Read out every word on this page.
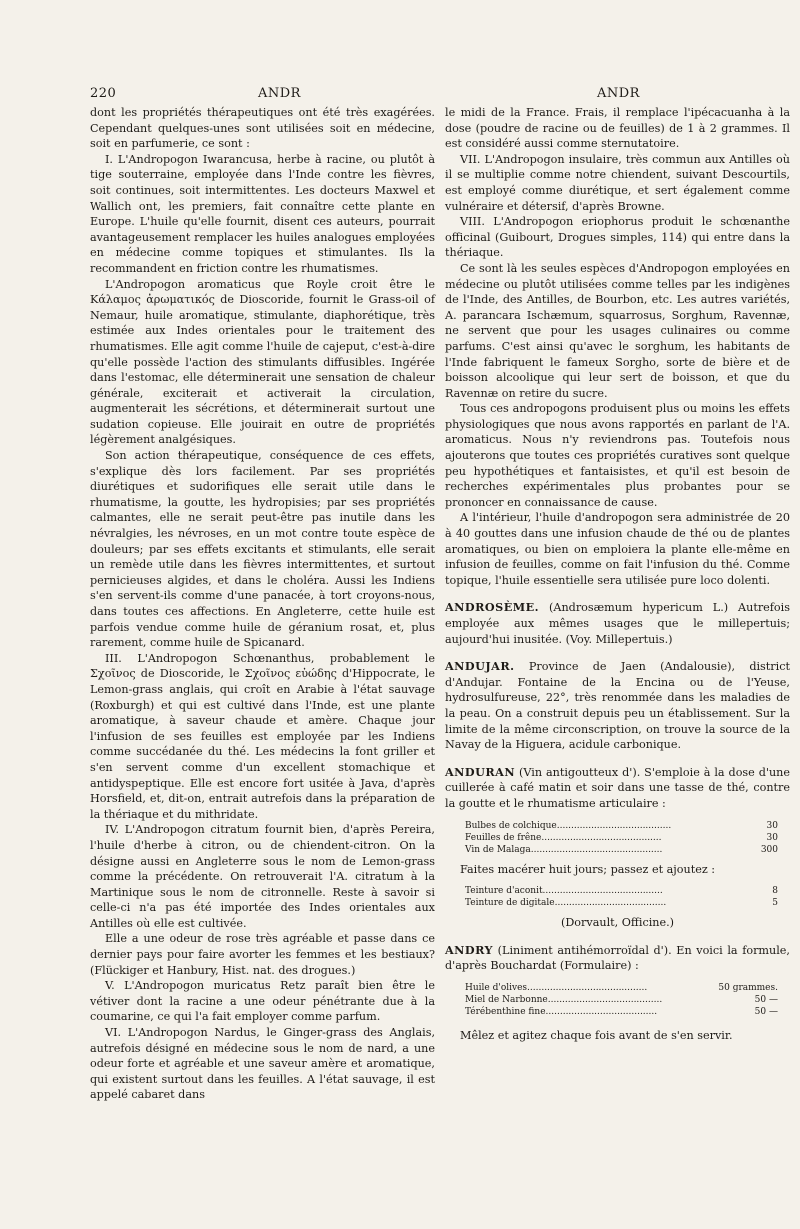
220	ANDR	ANDR

dont les propriétés thérapeutiques ont été très exagérées. Cependant quelques-unes sont utilisées soit en médecine, soit en parfumerie, ce sont :

I. L'Andropogon Iwarancusa, herbe à racine, ou plutôt à tige souterraine, employée dans l'Inde contre les fièvres, soit continues, soit intermittentes. Les docteurs Maxwel et Wallich ont, les premiers, fait connaître cette plante en Europe. L'huile qu'elle fournit, disent ces auteurs, pourrait avantageusement remplacer les huiles analogues employées en médecine comme topiques et stimulantes. Ils la recommandent en friction contre les rhumatismes.

L'Andropogon aromaticus que Royle croit être le Κάλαμος ἀρωματικός de Dioscoride, fournit le Grass-oil of Nemaur, huile aromatique, stimulante, diaphorétique, très estimée aux Indes orientales pour le traitement des rhumatismes. Elle agit comme l'huile de cajeput, c'est-à-dire qu'elle possède l'action des stimulants diffusibles. Ingérée dans l'estomac, elle déterminerait une sensation de chaleur générale, exciterait et activerait la circulation, augmenterait les sécrétions, et déterminerait surtout une sudation copieuse. Elle jouirait en outre de propriétés légèrement analgésiques.

Son action thérapeutique, conséquence de ces effets, s'explique dès lors facilement. Par ses propriétés diurétiques et sudorifiques elle serait utile dans le rhumatisme, la goutte, les hydropisies; par ses propriétés calmantes, elle ne serait peut-être pas inutile dans les névralgies, les névroses, en un mot contre toute espèce de douleurs; par ses effets excitants et stimulants, elle serait un remède utile dans les fièvres intermittentes, et surtout pernicieuses algides, et dans le choléra. Aussi les Indiens s'en servent-ils comme d'une panacée, à tort croyons-nous, dans toutes ces affections. En Angleterre, cette huile est parfois vendue comme huile de géranium rosat, et, plus rarement, comme huile de Spicanard.

III. L'Andropogon Schœnanthus, probablement le Σχοῖνος de Dioscoride, le Σχοῖνος εὐώδης d'Hippocrate, le Lemon-grass anglais, qui croît en Arabie à l'état sauvage (Roxburgh) et qui est cultivé dans l'Inde, est une plante aromatique, à saveur chaude et amère. Chaque jour l'infusion de ses feuilles est employée par les Indiens comme succédanée du thé. Les médecins la font griller et s'en servent comme d'un excellent stomachique et antidyspeptique. Elle est encore fort usitée à Java, d'après Horsfield, et, dit-on, entrait autrefois dans la préparation de la thériaque et du mithridate.

IV. L'Andropogon citratum fournit bien, d'après Pereira, l'huile d'herbe à citron, ou de chiendent-citron. On la désigne aussi en Angleterre sous le nom de Lemon-grass comme la précédente. On retrouverait l'A. citratum à la Martinique sous le nom de citronnelle. Reste à savoir si celle-ci n'a pas été importée des Indes orientales aux Antilles où elle est cultivée.

Elle a une odeur de rose très agréable et passe dans ce dernier pays pour faire avorter les femmes et les bestiaux? (Flückiger et Hanbury, Hist. nat. des drogues.)

V. L'Andropogon muricatus Retz paraît bien être le vétiver dont la racine a une odeur pénétrante due à la coumarine, ce qui l'a fait employer comme parfum.

VI. L'Andropogon Nardus, le Ginger-grass des Anglais, autrefois désigné en médecine sous le nom de nard, a une odeur forte et agréable et une saveur amère et aromatique, qui existent surtout dans les feuilles. A l'état sauvage, il est appelé cabaret dans

le midi de la France. Frais, il remplace l'ipécacuanha à la dose (poudre de racine ou de feuilles) de 1 à 2 grammes. Il est considéré aussi comme sternutatoire.

VII. L'Andropogon insulaire, très commun aux Antilles où il se multiplie comme notre chiendent, suivant Descourtils, est employé comme diurétique, et sert également comme vulnéraire et détersif, d'après Browne.

VIII. L'Andropogon eriophorus produit le schœnanthe officinal (Guibourt, Drogues simples, 114) qui entre dans la thériaque.

Ce sont là les seules espèces d'Andropogon employées en médecine ou plutôt utilisées comme telles par les indigènes de l'Inde, des Antilles, de Bourbon, etc. Les autres variétés, A. parancara Ischæmum, squarrosus, Sorghum, Ravennæ, ne servent que pour les usages culinaires ou comme parfums. C'est ainsi qu'avec le sorghum, les habitants de l'Inde fabriquent le fameux Sorgho, sorte de bière et de boisson alcoolique qui leur sert de boisson, et que du Ravennæ on retire du sucre.

Tous ces andropogons produisent plus ou moins les effets physiologiques que nous avons rapportés en parlant de l'A. aromaticus. Nous n'y reviendrons pas. Toutefois nous ajouterons que toutes ces propriétés curatives sont quelque peu hypothétiques et fantaisistes, et qu'il est besoin de recherches expérimentales plus probantes pour se prononcer en connaissance de cause.

A l'intérieur, l'huile d'andropogon sera administrée de 20 à 40 gouttes dans une infusion chaude de thé ou de plantes aromatiques, ou bien on emploiera la plante elle-même en infusion de feuilles, comme on fait l'infusion du thé. Comme topique, l'huile essentielle sera utilisée pure loco dolenti.

ANDROSÈME. (Androsæmum hypericum L.) Autrefois employée aux mêmes usages que le millepertuis; aujourd'hui inusitée. (Voy. Millepertuis.)

ANDUJAR. Province de Jaen (Andalousie), district d'Andujar. Fontaine de la Encina ou de l'Yeuse, hydrosulfureuse, 22°, très renommée dans les maladies de la peau. On a construit depuis peu un établissement. Sur la limite de la même circonscription, on trouve la source de la Navay de la Higuera, acidule carbonique.

ANDURAN (Vin antigoutteux d'). S'emploie à la dose d'une cuillerée à café matin et soir dans une tasse de thé, contre la goutte et le rhumatisme articulaire :

Bulbes de colchique........................................	30
Feuilles de frêne..........................................	30
Vin de Malaga..............................................	300

Faites macérer huit jours; passez et ajoutez :

Teinture d'aconit..........................................	8
Teinture de digitale.......................................	5

(Dorvault, Officine.)

ANDRY (Liniment antihémorroïdal d'). En voici la formule, d'après Bouchardat (Formulaire) :

Huile d'olives..........................................	50 grammes.
Miel de Narbonne........................................	50 —
Térébenthine fine.......................................	50 —

Mêlez et agitez chaque fois avant de s'en servir.
